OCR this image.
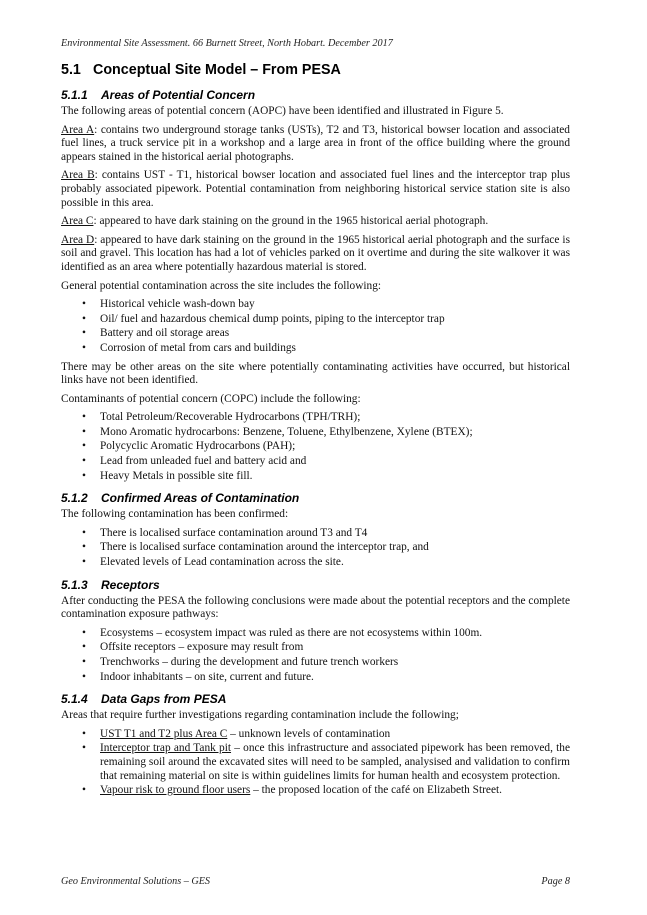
Environmental Site Assessment. 66 Burnett Street, North Hobart. December 2017
5.1 Conceptual Site Model – From PESA
5.1.1 Areas of Potential Concern

The following areas of potential concern (AOPC) have been identified and illustrated in Figure 5.

Area A: contains two underground storage tanks (USTs), T2 and T3, historical bowser location and associated fuel lines, a truck service pit in a workshop and a large area in front of the office building where the ground appears stained in the historical aerial photographs.

Area B: contains UST - T1, historical bowser location and associated fuel lines and the interceptor trap plus probably associated pipework. Potential contamination from neighboring historical service station site is also possible in this area.

Area C: appeared to have dark staining on the ground in the 1965 historical aerial photograph.

Area D: appeared to have dark staining on the ground in the 1965 historical aerial photograph and the surface is soil and gravel. This location has had a lot of vehicles parked on it overtime and during the site walkover it was identified as an area where potentially hazardous material is stored.

General potential contamination across the site includes the following:

• Historical vehicle wash-down bay
• Oil/ fuel and hazardous chemical dump points, piping to the interceptor trap
• Battery and oil storage areas
• Corrosion of metal from cars and buildings

There may be other areas on the site where potentially contaminating activities have occurred, but historical links have not been identified.

Contaminants of potential concern (COPC) include the following:

• Total Petroleum/Recoverable Hydrocarbons (TPH/TRH);
• Mono Aromatic hydrocarbons: Benzene, Toluene, Ethylbenzene, Xylene (BTEX);
• Polycyclic Aromatic Hydrocarbons (PAH);
• Lead from unleaded fuel and battery acid and
• Heavy Metals in possible site fill.
5.1.2 Confirmed Areas of Contamination

The following contamination has been confirmed:

• There is localised surface contamination around T3 and T4
• There is localised surface contamination around the interceptor trap, and
• Elevated levels of Lead contamination across the site.
5.1.3 Receptors

After conducting the PESA the following conclusions were made about the potential receptors and the complete contamination exposure pathways:

• Ecosystems – ecosystem impact was ruled as there are not ecosystems within 100m.
• Offsite receptors – exposure may result from
• Trenchworks – during the development and future trench workers
• Indoor inhabitants – on site, current and future.
5.1.4 Data Gaps from PESA

Areas that require further investigations regarding contamination include the following;

• UST T1 and T2 plus Area C – unknown levels of contamination
• Interceptor trap and Tank pit – once this infrastructure and associated pipework has been removed, the remaining soil around the excavated sites will need to be sampled, analysised and validation to confirm that remaining material on site is within guidelines limits for human health and ecosystem protection.
• Vapour risk to ground floor users – the proposed location of the café on Elizabeth Street.
Geo Environmental Solutions – GES	Page 8
